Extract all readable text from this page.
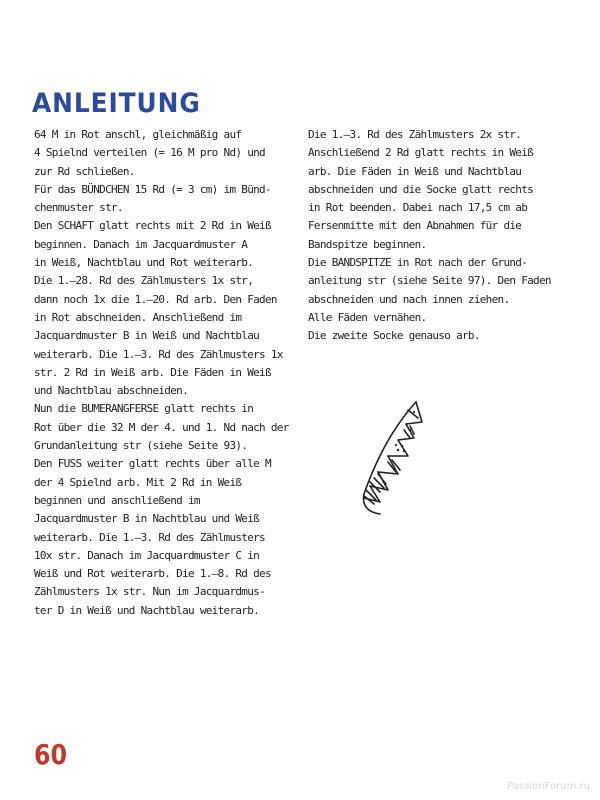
ANLEITUNG

64 M in Rot anschl, gleichmäßig auf

4 Spielnd verteilen (= 16 M pro Nd) und

zur Rd schließen.

Für das BÜNDCHEN 15 Rd (= 3 cm) im Bünd-

chenmuster str.

Den SCHAFT glatt rechts mit 2 Rd in Weiß

beginnen. Danach im Jacquardmuster A

in Weiß, Nachtblau und Rot weiterarb.

Die 1.–28. Rd des Zählmusters 1x str,

dann noch 1x die 1.–20. Rd arb. Den Faden

in Rot abschneiden. Anschließend im

Jacquardmuster B in Weiß und Nachtblau

weiterarb. Die 1.–3. Rd des Zählmusters 1x

str. 2 Rd in Weiß arb. Die Fäden in Weiß

und Nachtblau abschneiden.

Nun die BUMERANGFERSE glatt rechts in

Rot über die 32 M der 4. und 1. Nd nach der

Grundanleitung str (siehe Seite 93).

Den FUSS weiter glatt rechts über alle M

der 4 Spielnd arb. Mit 2 Rd in Weiß

beginnen und anschließend im

Jacquardmuster B in Nachtblau und Weiß

weiterarb. Die 1.–3. Rd des Zählmusters

10x str. Danach im Jacquardmuster C in

Weiß und Rot weiterarb. Die 1.–8. Rd des

Zählmusters 1x str. Nun im Jacquardmus-

ter D in Weiß und Nachtblau weiterarb.

Die 1.–3. Rd des Zählmusters 2x str.

Anschließend 2 Rd glatt rechts in Weiß

arb. Die Fäden in Weiß und Nachtblau

abschneiden und die Socke glatt rechts

in Rot beenden. Dabei nach 17,5 cm ab

Fersenmitte mit den Abnahmen für die

Bandspitze beginnen.

Die BANDSPITZE in Rot nach der Grund-

anleitung str (siehe Seite 97). Den Faden

abschneiden und nach innen ziehen.

Alle Fäden vernähen.

Die zweite Socke genauso arb.

60
PassionForum.ru
